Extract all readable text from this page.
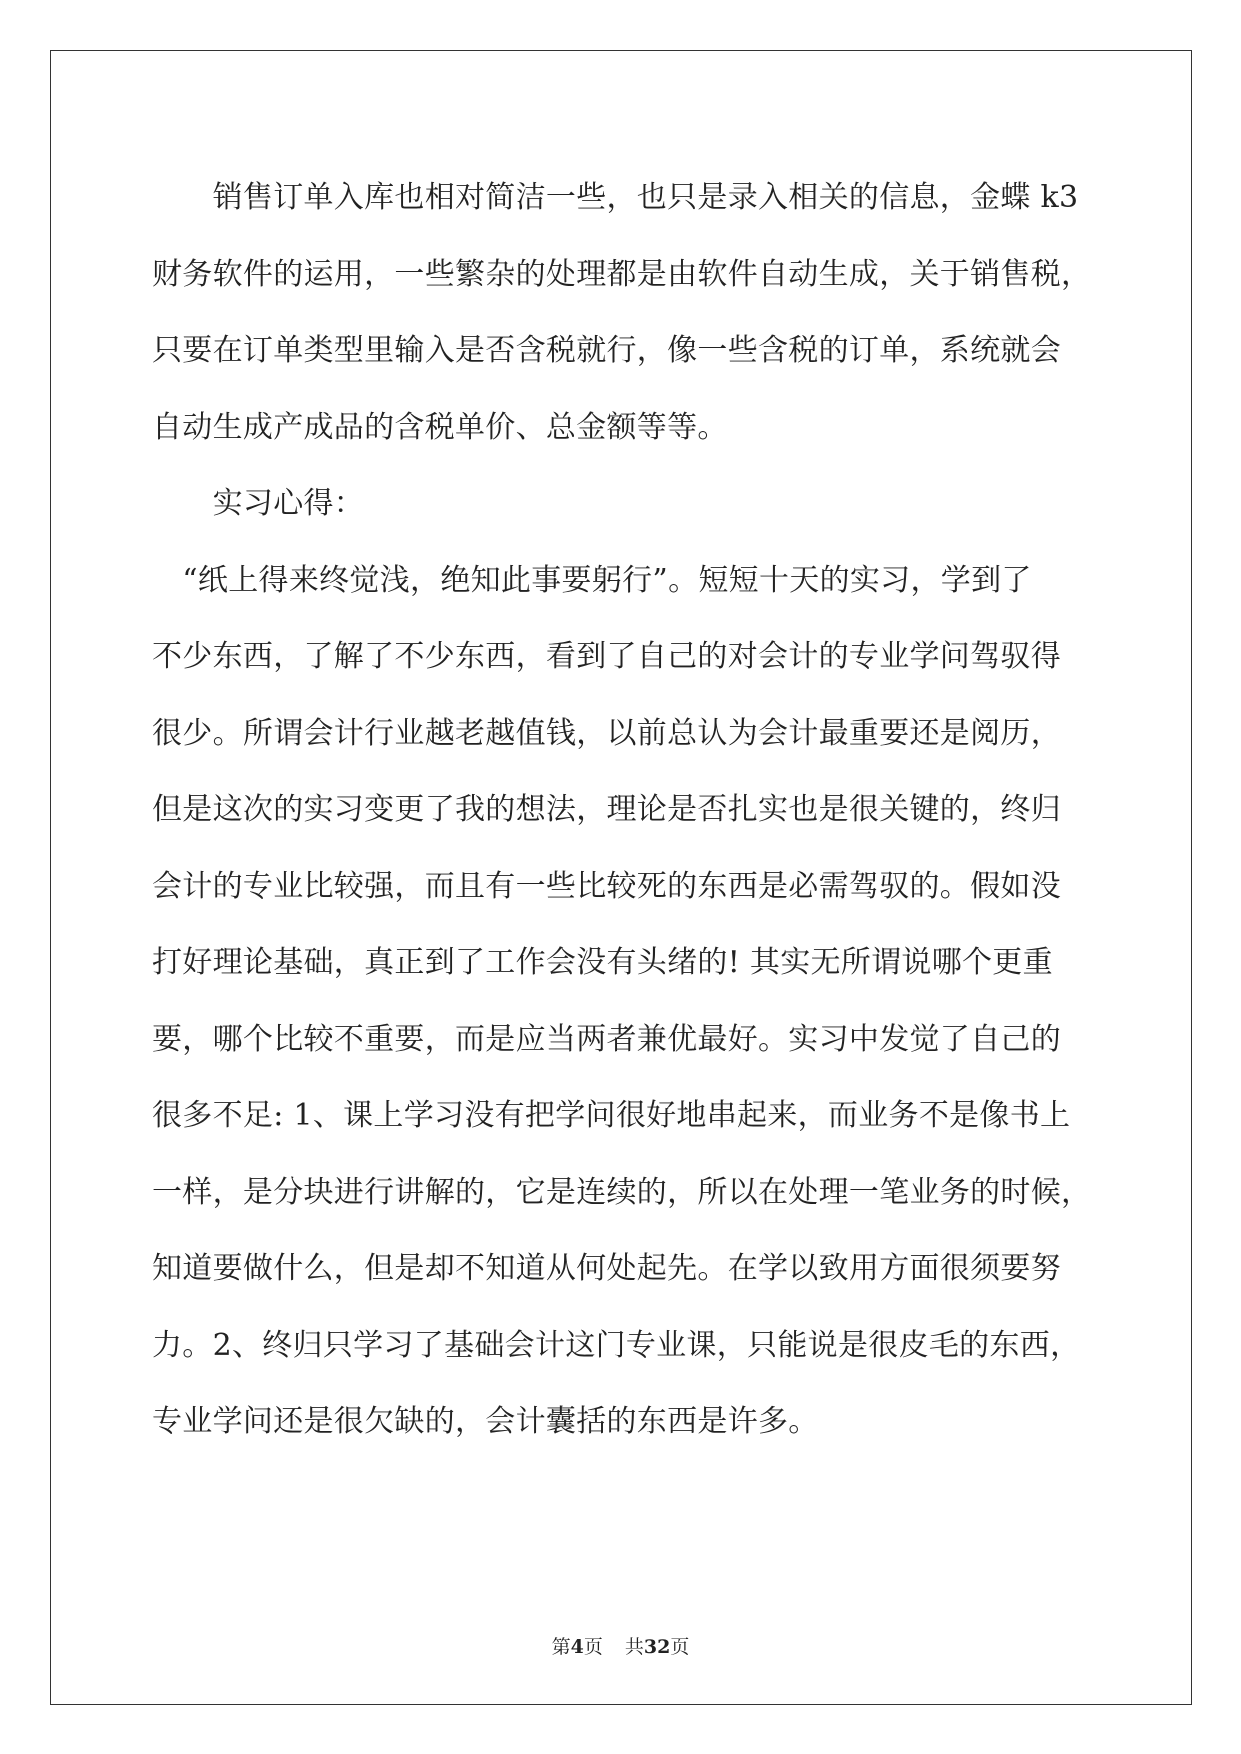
　　销售订单入库也相对简洁一些，也只是录入相关的信息，金蝶 k3
财务软件的运用，一些繁杂的处理都是由软件自动生成，关于销售税，
只要在订单类型里输入是否含税就行，像一些含税的订单，系统就会
自动生成产成品的含税单价、总金额等等。
　　实习心得：
　“纸上得来终觉浅，绝知此事要躬行”。短短十天的实习，学到了
不少东西，了解了不少东西，看到了自己的对会计的专业学问驾驭得
很少。所谓会计行业越老越值钱，以前总认为会计最重要还是阅历，
但是这次的实习变更了我的想法，理论是否扎实也是很关键的，终归
会计的专业比较强，而且有一些比较死的东西是必需驾驭的。假如没
打好理论基础，真正到了工作会没有头绪的! 其实无所谓说哪个更重
要，哪个比较不重要，而是应当两者兼优最好。实习中发觉了自己的
很多不足: 1、课上学习没有把学问很好地串起来，而业务不是像书上
一样，是分块进行讲解的，它是连续的，所以在处理一笔业务的时候，
知道要做什么，但是却不知道从何处起先。在学以致用方面很须要努
力。2、终归只学习了基础会计这门专业课，只能说是很皮毛的东西，
专业学问还是很欠缺的，会计囊括的东西是许多。
第4页 共32页
